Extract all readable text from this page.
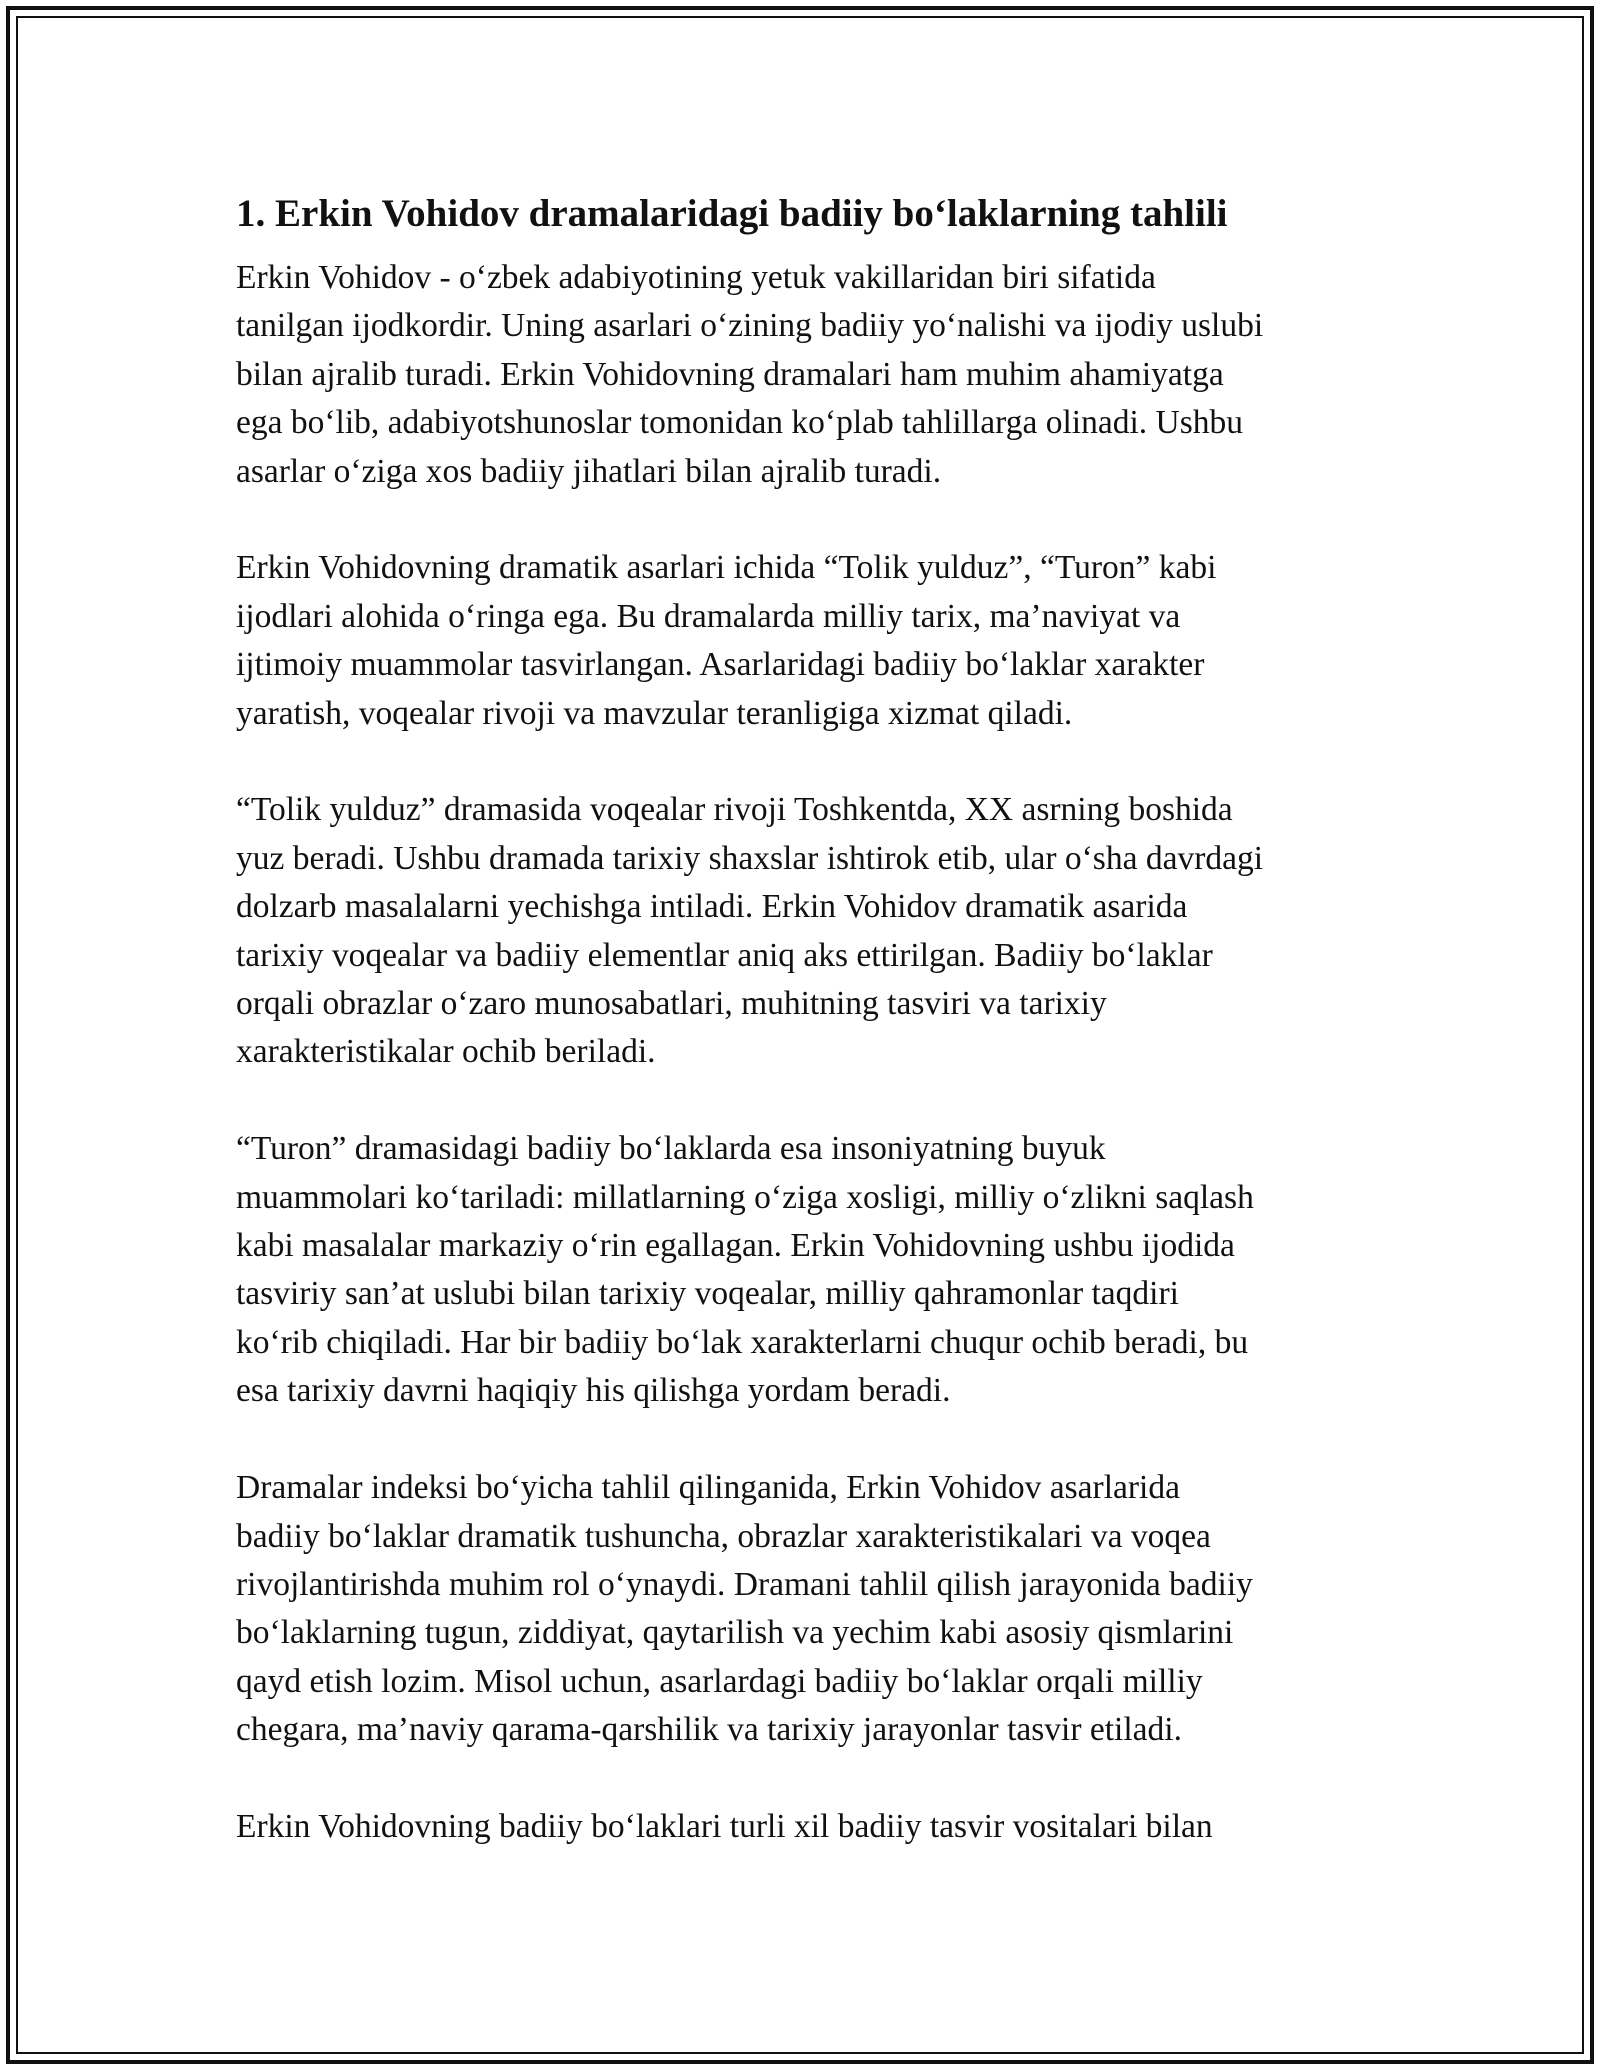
1. Erkin Vohidov dramalaridagi badiiy bo‘laklarning tahlili

Erkin Vohidov - o‘zbek adabiyotining yetuk vakillaridan biri sifatida
tanilgan ijodkordir. Uning asarlari o‘zining badiiy yo‘nalishi va ijodiy uslubi
bilan ajralib turadi. Erkin Vohidovning dramalari ham muhim ahamiyatga
ega bo‘lib, adabiyotshunoslar tomonidan ko‘plab tahlillarga olinadi. Ushbu
asarlar o‘ziga xos badiiy jihatlari bilan ajralib turadi.

Erkin Vohidovning dramatik asarlari ichida “Tolik yulduz”, “Turon” kabi
ijodlari alohida o‘ringa ega. Bu dramalarda milliy tarix, ma’naviyat va
ijtimoiy muammolar tasvirlangan. Asarlaridagi badiiy bo‘laklar xarakter
yaratish, voqealar rivoji va mavzular teranligiga xizmat qiladi.

“Tolik yulduz” dramasida voqealar rivoji Toshkentda, XX asrning boshida
yuz beradi. Ushbu dramada tarixiy shaxslar ishtirok etib, ular o‘sha davrdagi
dolzarb masalalarni yechishga intiladi. Erkin Vohidov dramatik asarida
tarixiy voqealar va badiiy elementlar aniq aks ettirilgan. Badiiy bo‘laklar
orqali obrazlar o‘zaro munosabatlari, muhitning tasviri va tarixiy
xarakteristikalar ochib beriladi.

“Turon” dramasidagi badiiy bo‘laklarda esa insoniyatning buyuk
muammolari ko‘tariladi: millatlarning o‘ziga xosligi, milliy o‘zlikni saqlash
kabi masalalar markaziy o‘rin egallagan. Erkin Vohidovning ushbu ijodida
tasviriy san’at uslubi bilan tarixiy voqealar, milliy qahramonlar taqdiri
ko‘rib chiqiladi. Har bir badiiy bo‘lak xarakterlarni chuqur ochib beradi, bu
esa tarixiy davrni haqiqiy his qilishga yordam beradi.

Dramalar indeksi bo‘yicha tahlil qilinganida, Erkin Vohidov asarlarida
badiiy bo‘laklar dramatik tushuncha, obrazlar xarakteristikalari va voqea
rivojlantirishda muhim rol o‘ynaydi. Dramani tahlil qilish jarayonida badiiy
bo‘laklarning tugun, ziddiyat, qaytarilish va yechim kabi asosiy qismlarini
qayd etish lozim. Misol uchun, asarlardagi badiiy bo‘laklar orqali milliy
chegara, ma’naviy qarama-qarshilik va tarixiy jarayonlar tasvir etiladi.

Erkin Vohidovning badiiy bo‘laklari turli xil badiiy tasvir vositalari bilan
